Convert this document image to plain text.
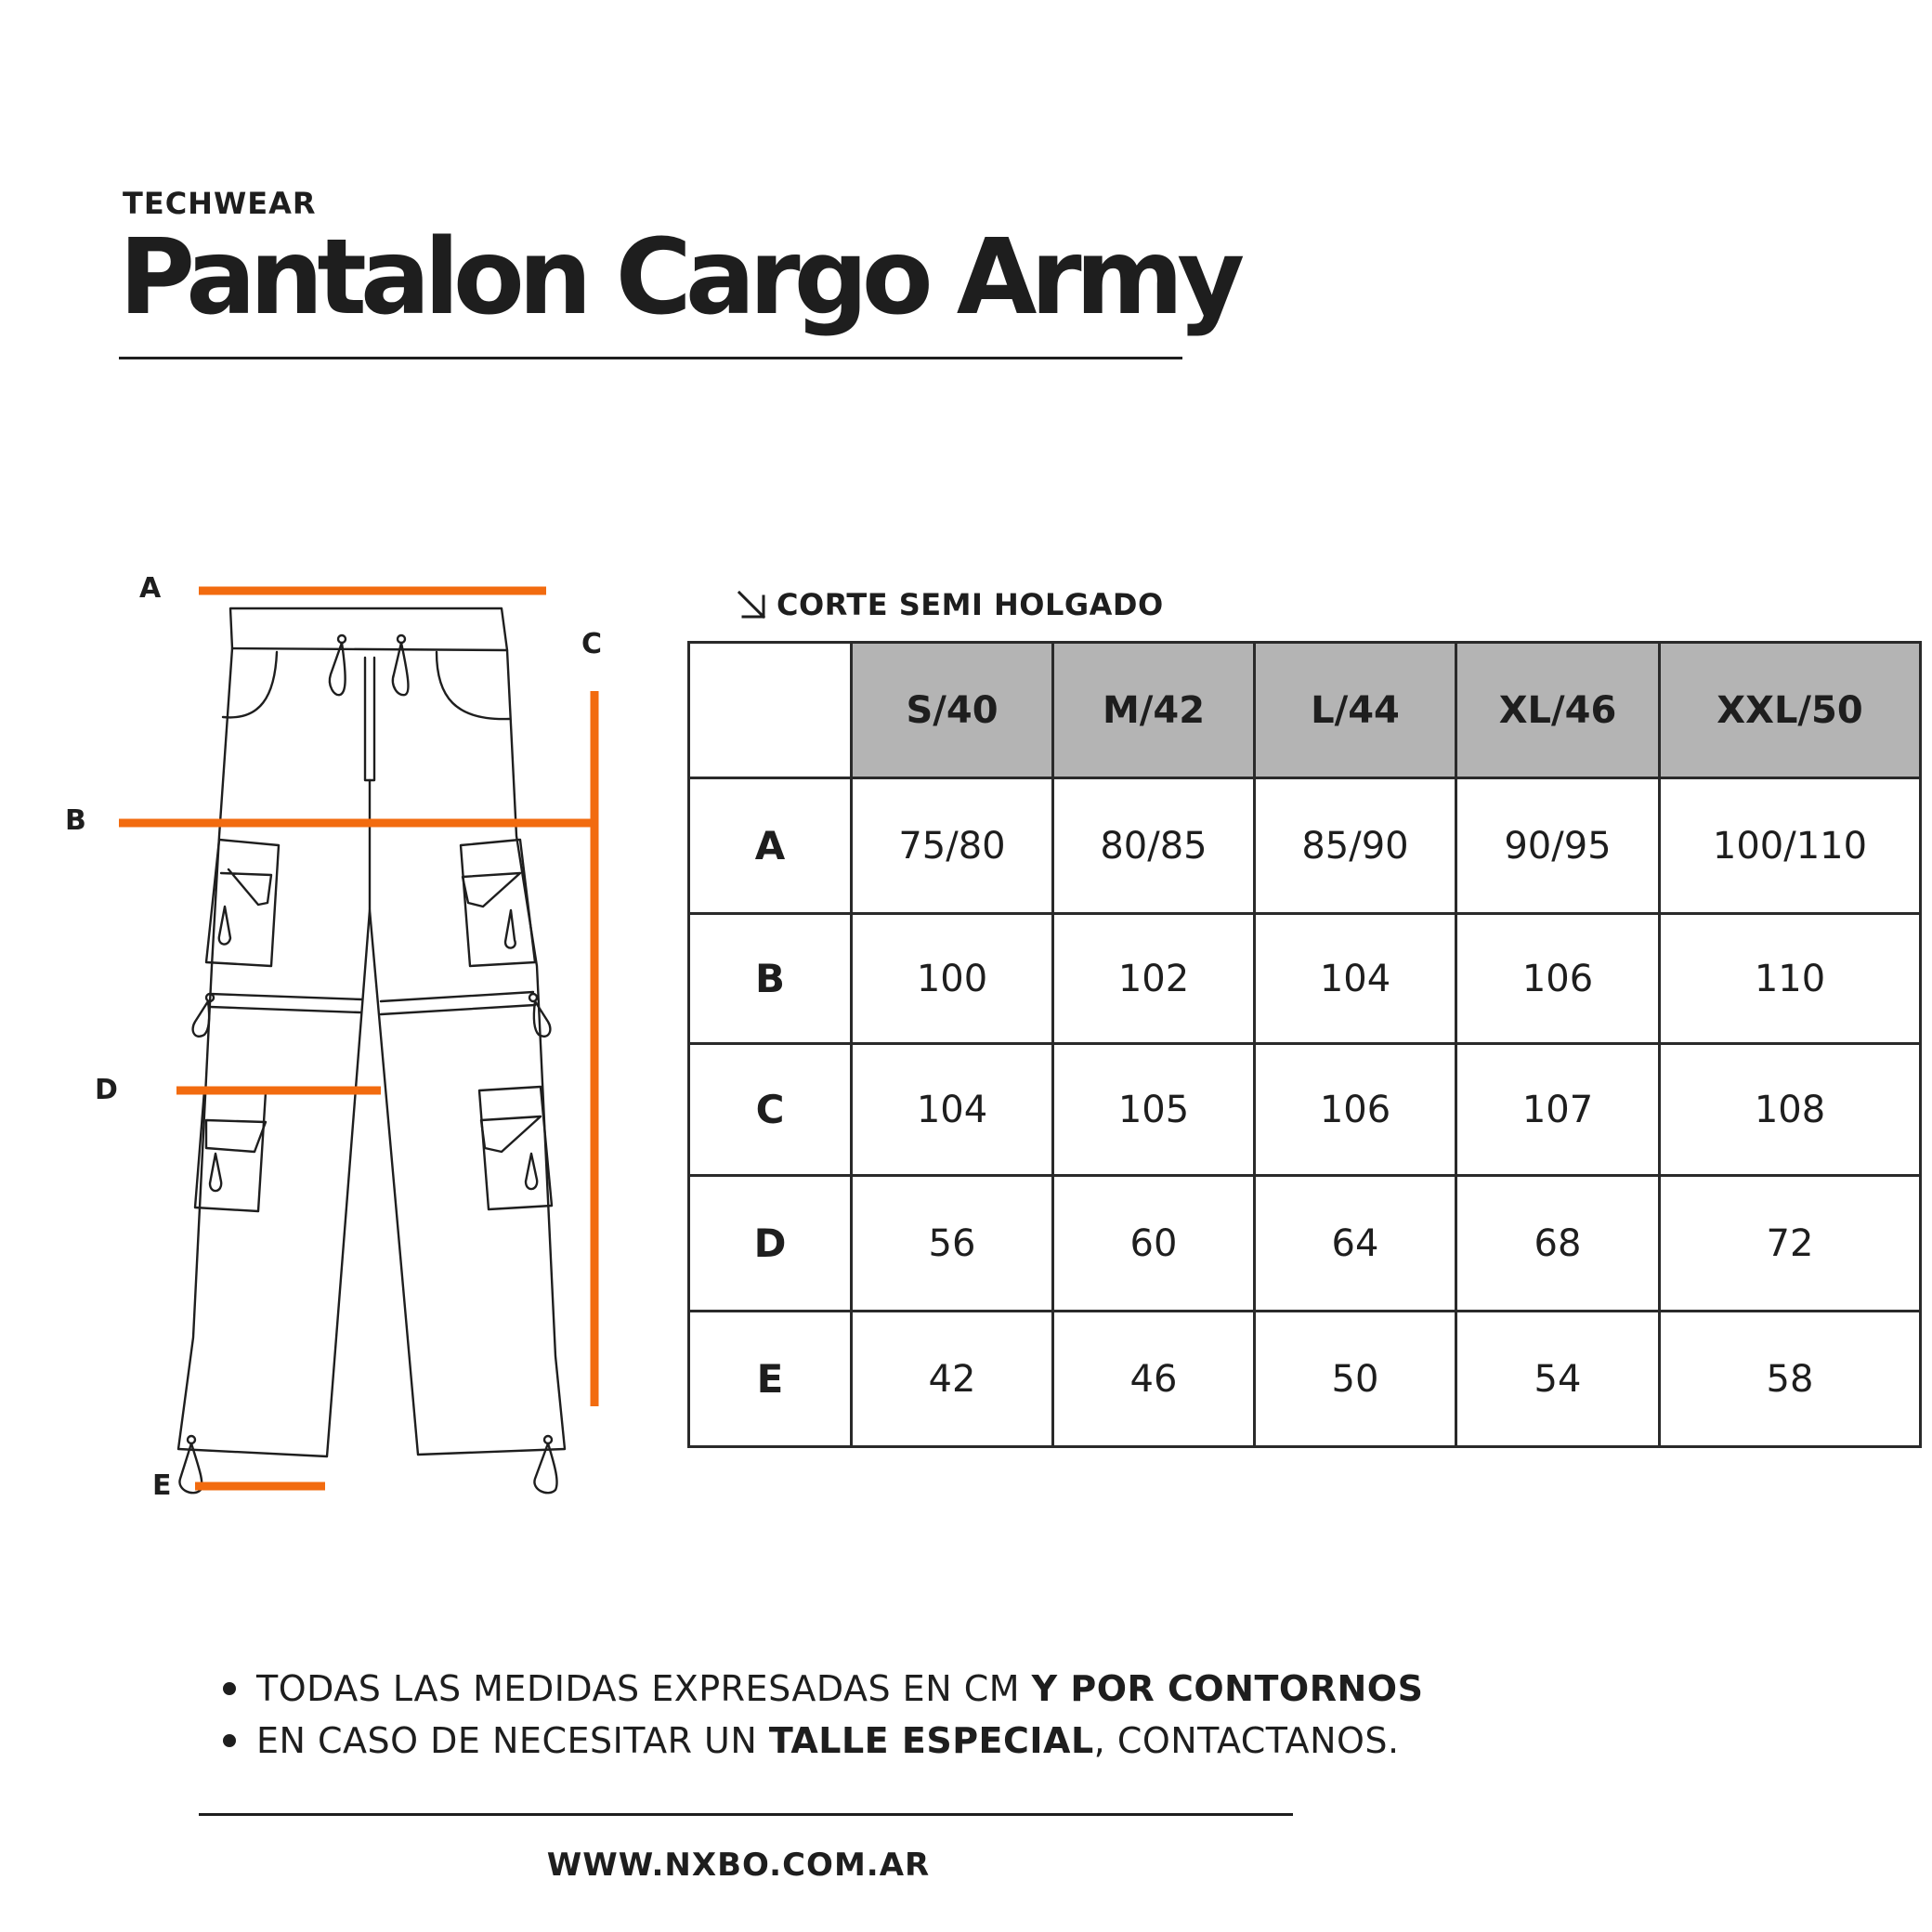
TECHWEAR
Pantalon Cargo Army
A
B
C
D
E
CORTE SEMI HOLGADO
	S/40	M/42	L/44	XL/46	XXL/50
A	75/80	80/85	85/90	90/95	100/110
B	100	102	104	106	110
C	104	105	106	107	108
D	56	60	64	68	72
E	42	46	50	54	58
TODAS LAS MEDIDAS EXPRESADAS EN CM Y POR CONTORNOS
EN CASO DE NECESITAR UN TALLE ESPECIAL , CONTACTANOS.
WWW.NXBO.COM.AR
